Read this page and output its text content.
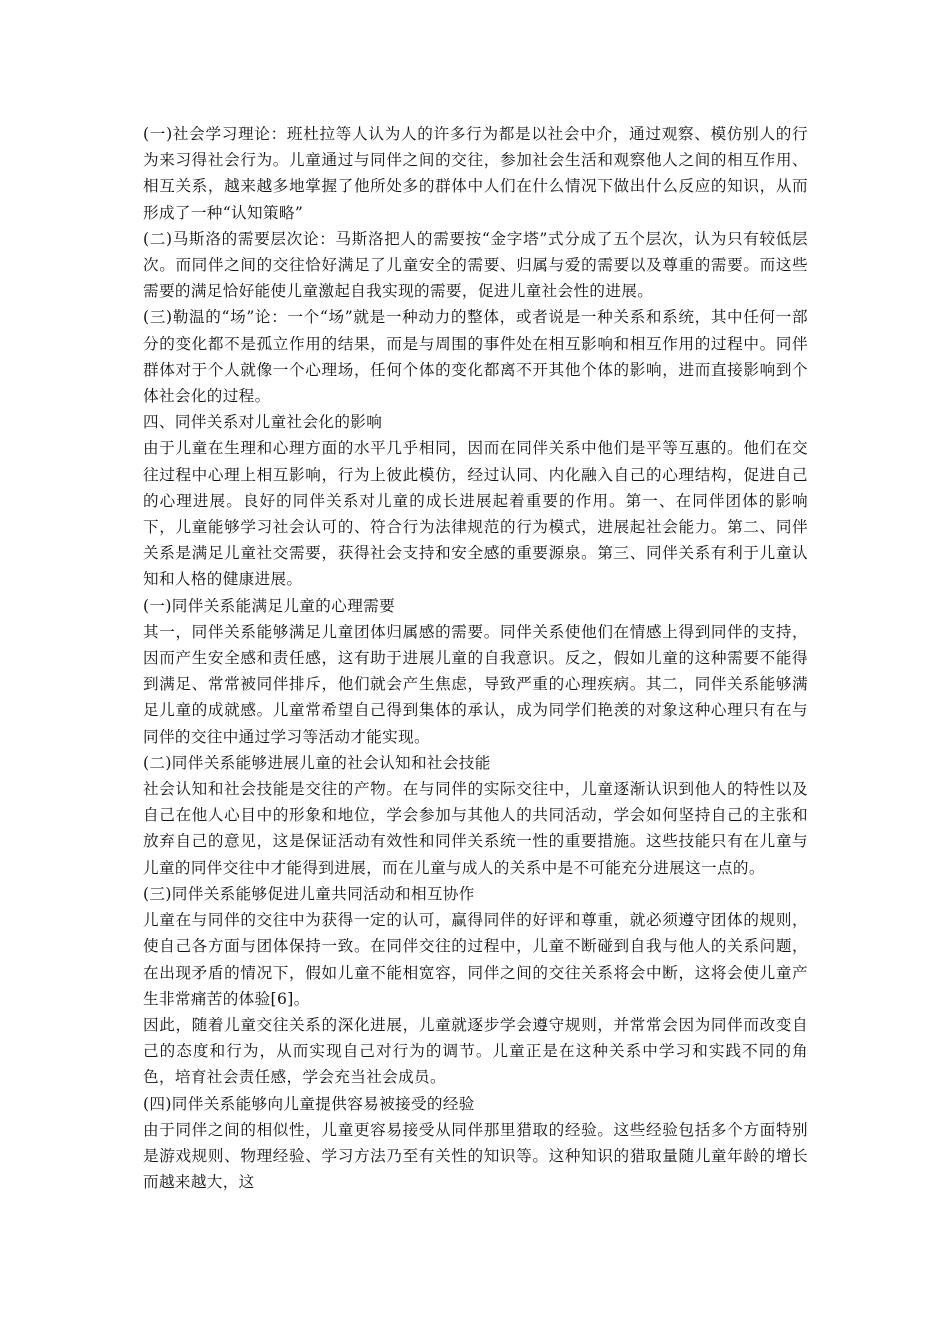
(一)社会学习理论：班杜拉等人认为人的许多行为都是以社会中介，通过观察、模仿别人的行为来习得社会行为。儿童通过与同伴之间的交往，参加社会生活和观察他人之间的相互作用、相互关系，越来越多地掌握了他所处多的群体中人们在什么情况下做出什么反应的知识，从而形成了一种“认知策略”

(二)马斯洛的需要层次论：马斯洛把人的需要按“金字塔”式分成了五个层次，认为只有较低层次。而同伴之间的交往恰好满足了儿童安全的需要、归属与爱的需要以及尊重的需要。而这些需要的满足恰好能使儿童激起自我实现的需要，促进儿童社会性的进展。

(三)勒温的“场”论：一个“场”就是一种动力的整体，或者说是一种关系和系统，其中任何一部分的变化都不是孤立作用的结果，而是与周围的事件处在相互影响和相互作用的过程中。同伴群体对于个人就像一个心理场，任何个体的变化都离不开其他个体的影响，进而直接影响到个体社会化的过程。

四、同伴关系对儿童社会化的影响

由于儿童在生理和心理方面的水平几乎相同，因而在同伴关系中他们是平等互惠的。他们在交往过程中心理上相互影响，行为上彼此模仿，经过认同、内化融入自己的心理结构，促进自己的心理进展。良好的同伴关系对儿童的成长进展起着重要的作用。第一、在同伴团体的影响下，儿童能够学习社会认可的、符合行为法律规范的行为模式，进展起社会能力。第二、同伴关系是满足儿童社交需要，获得社会支持和安全感的重要源泉。第三、同伴关系有利于儿童认知和人格的健康进展。

(一)同伴关系能满足儿童的心理需要

其一，同伴关系能够满足儿童团体归属感的需要。同伴关系使他们在情感上得到同伴的支持，因而产生安全感和责任感，这有助于进展儿童的自我意识。反之，假如儿童的这种需要不能得到满足、常常被同伴排斥，他们就会产生焦虑，导致严重的心理疾病。其二，同伴关系能够满足儿童的成就感。儿童常希望自己得到集体的承认，成为同学们艳羡的对象这种心理只有在与同伴的交往中通过学习等活动才能实现。

(二)同伴关系能够进展儿童的社会认知和社会技能

社会认知和社会技能是交往的产物。在与同伴的实际交往中，儿童逐渐认识到他人的特性以及自己在他人心目中的形象和地位，学会参加与其他人的共同活动，学会如何坚持自己的主张和放弃自己的意见，这是保证活动有效性和同伴关系统一性的重要措施。这些技能只有在儿童与儿童的同伴交往中才能得到进展，而在儿童与成人的关系中是不可能充分进展这一点的。

(三)同伴关系能够促进儿童共同活动和相互协作

儿童在与同伴的交往中为获得一定的认可，赢得同伴的好评和尊重，就必须遵守团体的规则，使自己各方面与团体保持一致。在同伴交往的过程中，儿童不断碰到自我与他人的关系问题，在出现矛盾的情况下，假如儿童不能相宽容，同伴之间的交往关系将会中断，这将会使儿童产生非常痛苦的体验[6]。

因此，随着儿童交往关系的深化进展，儿童就逐步学会遵守规则，并常常会因为同伴而改变自己的态度和行为，从而实现自己对行为的调节。儿童正是在这种关系中学习和实践不同的角色，培育社会责任感，学会充当社会成员。

(四)同伴关系能够向儿童提供容易被接受的经验

由于同伴之间的相似性，儿童更容易接受从同伴那里猎取的经验。这些经验包括多个方面特别是游戏规则、物理经验、学习方法乃至有关性的知识等。这种知识的猎取量随儿童年龄的增长而越来越大，这
